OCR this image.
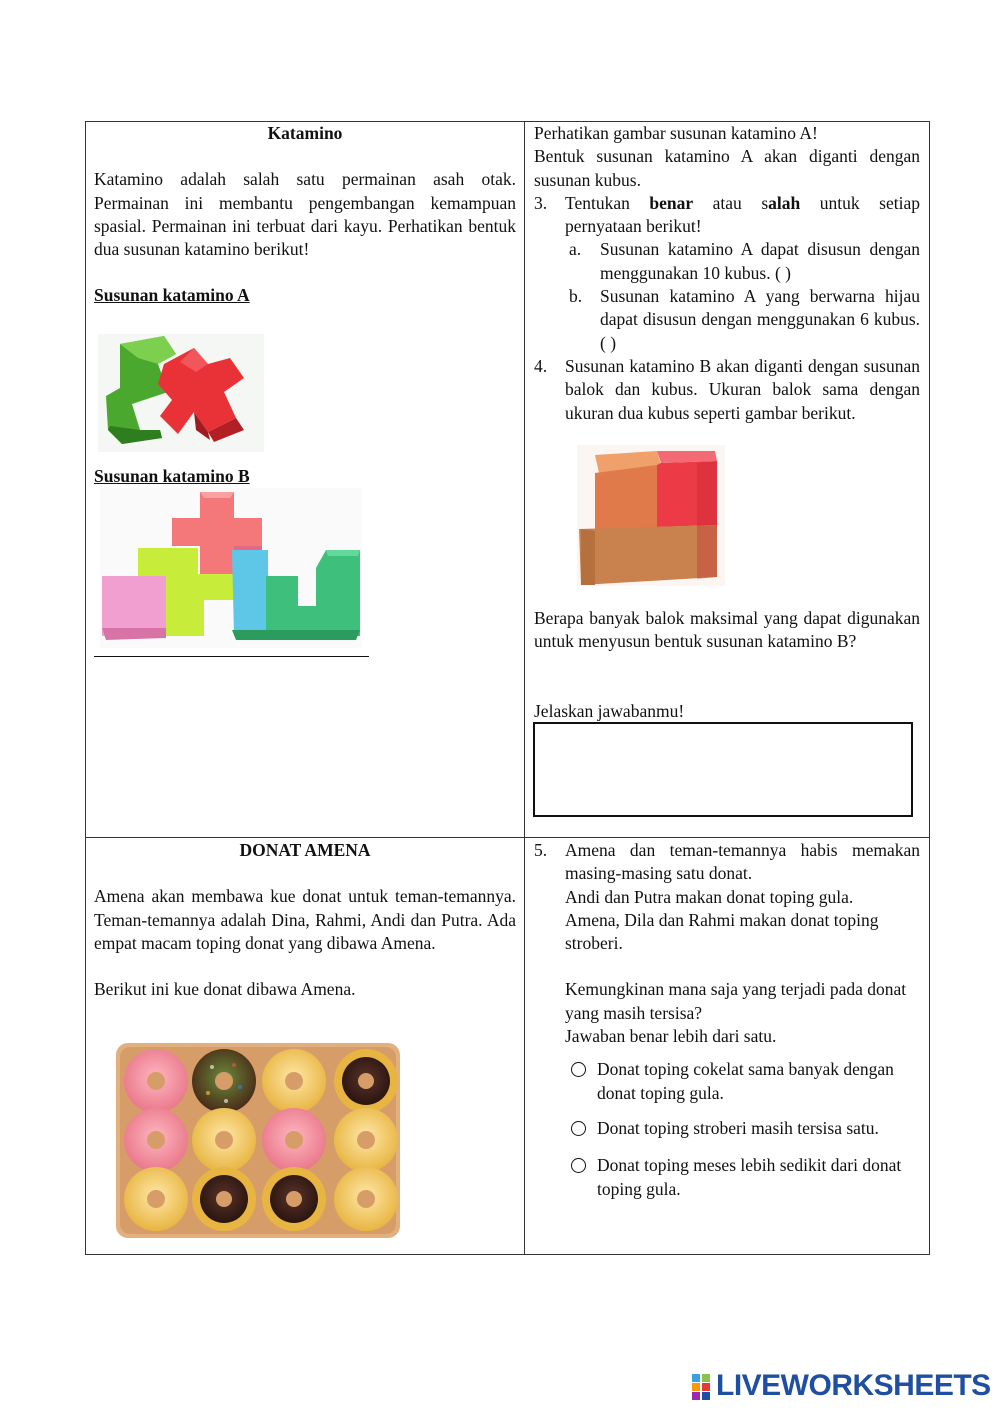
Katamino

Katamino adalah salah satu permainan asah otak. Permainan ini membantu pengembangan kemampuan spasial. Permainan ini terbuat dari kayu. Perhatikan bentuk dua susunan katamino berikut!

Susunan katamino A

Susunan katamino B

Perhatikan gambar susunan katamino A!

Bentuk susunan katamino A akan diganti dengan susunan kubus.

3.	Tentukan benar atau salah untuk setiap pernyataan berikut!
a.	Susunan katamino A dapat disusun dengan menggunakan 10 kubus. ( )
b.	Susunan katamino A yang berwarna hijau dapat disusun dengan menggunakan 6 kubus. ( )
4.	Susunan katamino B akan diganti dengan susunan balok dan kubus. Ukuran balok sama dengan ukuran dua kubus seperti gambar berikut.
Berapa banyak balok maksimal yang dapat digunakan untuk menyusun bentuk susunan katamino B?
Jelaskan jawabanmu!

DONAT AMENA

Amena akan membawa kue donat untuk teman-temannya. Teman-temannya adalah Dina, Rahmi, Andi dan Putra. Ada empat macam toping donat yang dibawa Amena.

Berikut ini kue donat dibawa Amena.

5.	Amena dan teman-temannya habis memakan masing-masing satu donat.

Andi dan Putra makan donat toping gula.

Amena, Dila dan Rahmi makan donat toping stroberi.

Kemungkinan mana saja yang terjadi pada donat yang masih tersisa?

Jawaban benar lebih dari satu.

Donat toping cokelat sama banyak dengan donat toping gula.
Donat toping stroberi masih tersisa satu.
Donat toping meses lebih sedikit dari donat toping gula.
LIVEWORKSHEETS
